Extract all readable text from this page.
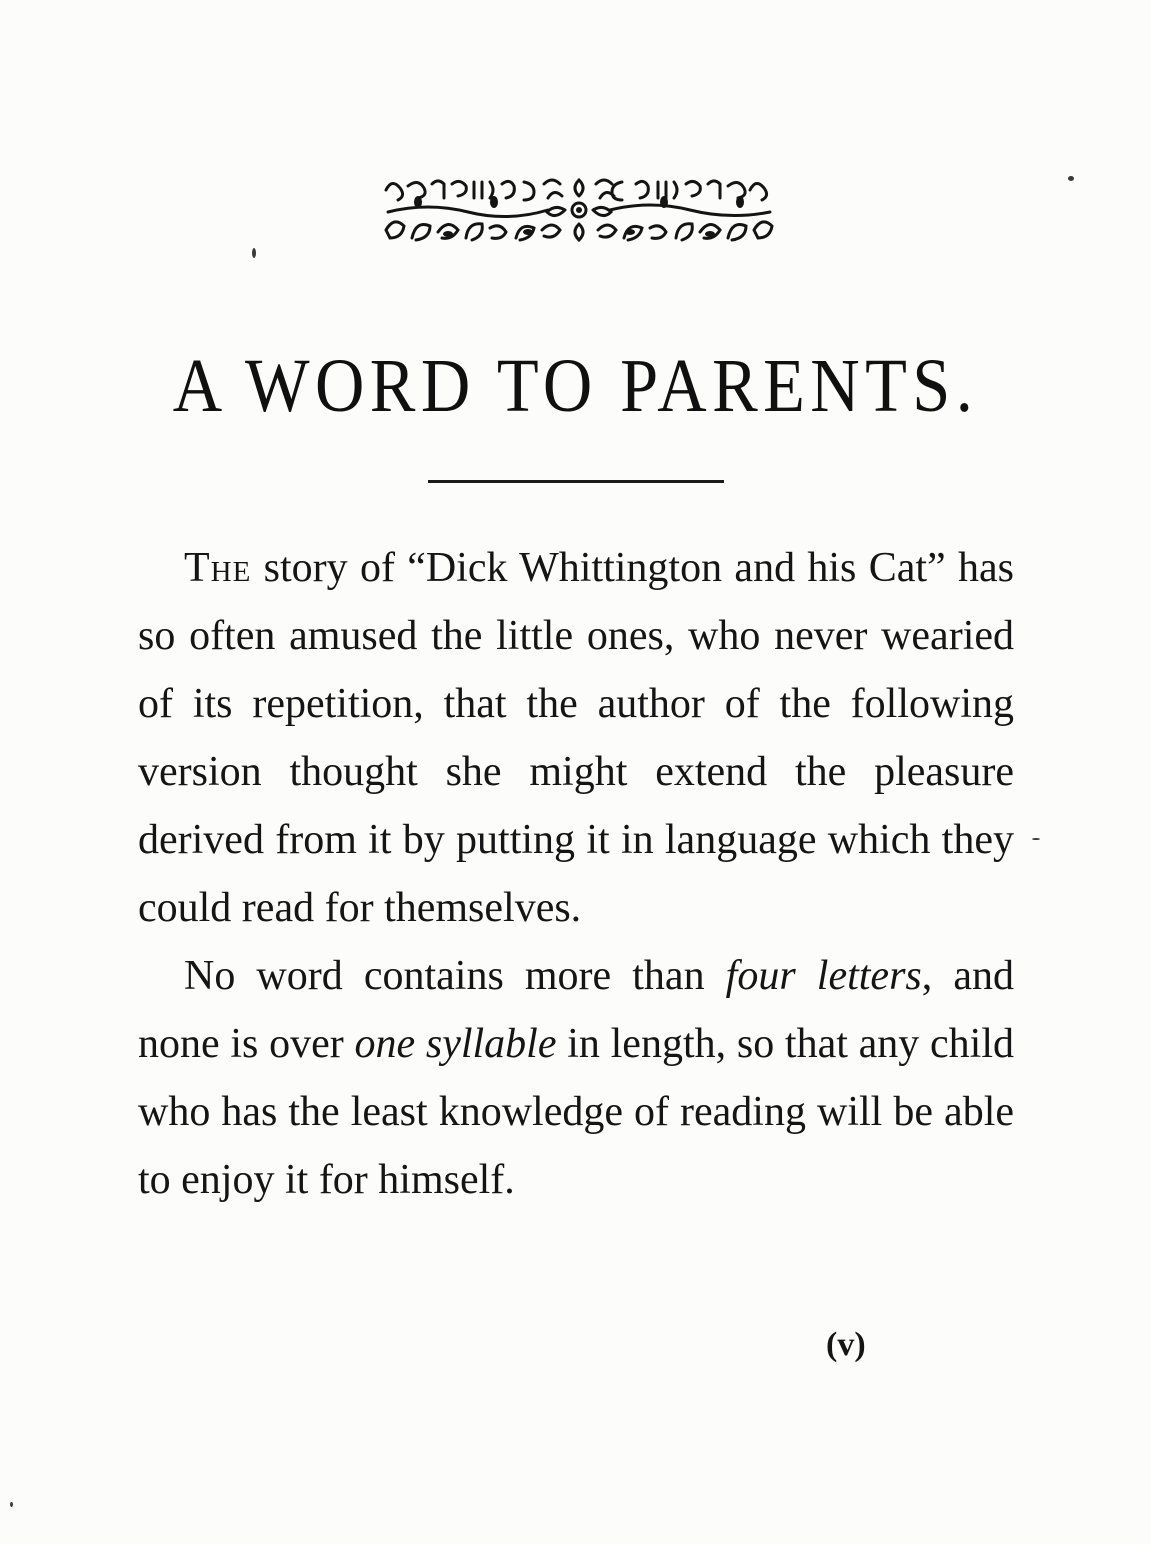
A WORD TO PARENTS.

The story of “Dick Whittington and his Cat” has so often amused the little ones, who never wearied of its repetition, that the author of the following version thought she might extend the pleasure derived from it by putting it in language which they could read for themselves.

No word contains more than four letters, and none is over one syllable in length, so that any child who has the least knowledge of reading will be able to enjoy it for himself.

(v)
